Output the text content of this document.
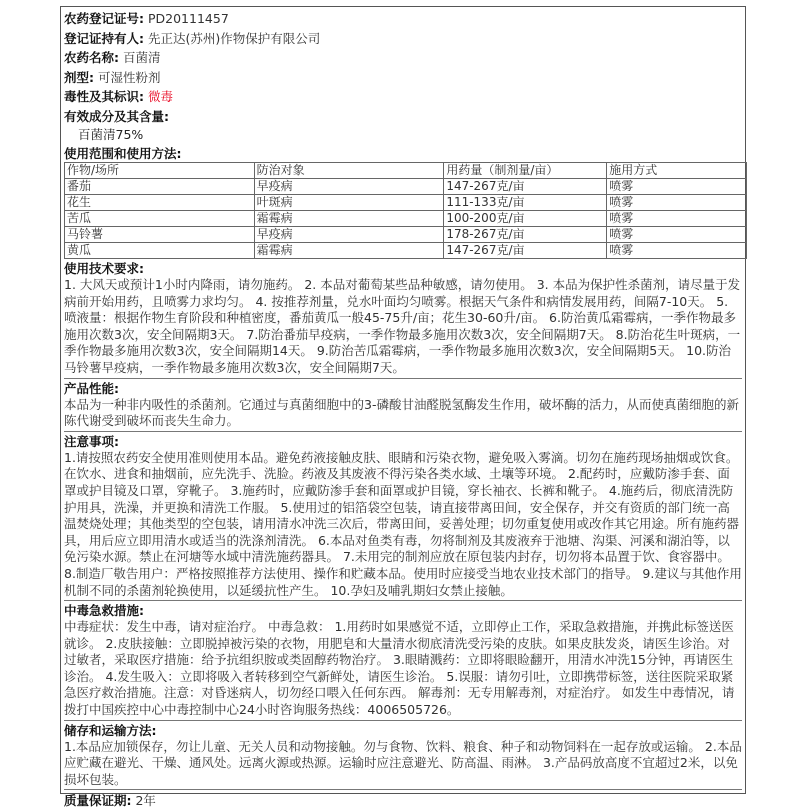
农药登记证号: PD20111457
登记证持有人: 先正达(苏州)作物保护有限公司
农药名称: 百菌清
剂型: 可湿性粉剂
毒性及其标识: 微毒
有效成分及其含量:
百菌清75%
使用范围和使用方法:
作物/场所	防治对象	用药量（制剂量/亩）	施用方式
番茄	早疫病	147-267克/亩	喷雾
花生	叶斑病	111-133克/亩	喷雾
苦瓜	霜霉病	100-200克/亩	喷雾
马铃薯	早疫病	178-267克/亩	喷雾
黄瓜	霜霉病	147-267克/亩	喷雾
使用技术要求:
1. 大风天或预计1小时内降雨，请勿施药。 2. 本品对葡萄某些品种敏感，请勿使用。 3. 本品为保护性杀菌剂，请尽量于发病前开始用药，且喷雾力求均匀。 4. 按推荐剂量，兑水叶面均匀喷雾。根据天气条件和病情发展用药，间隔7-10天。 5. 喷液量：根据作物生育阶段和种植密度，番茄黄瓜一般45-75升/亩；花生30-60升/亩。 6.防治黄瓜霜霉病，一季作物最多施用次数3次，安全间隔期3天。 7.防治番茄早疫病，一季作物最多施用次数3次，安全间隔期7天。 8.防治花生叶斑病，一季作物最多施用次数3次，安全间隔期14天。 9.防治苦瓜霜霉病，一季作物最多施用次数3次，安全间隔期5天。 10.防治马铃薯早疫病，一季作物最多施用次数3次，安全间隔期7天。
产品性能:
本品为一种非内吸性的杀菌剂。它通过与真菌细胞中的3-磷酸甘油醛脱氢酶发生作用，破坏酶的活力，从而使真菌细胞的新陈代谢受到破坏而丧失生命力。
注意事项:
1.请按照农药安全使用准则使用本品。避免药液接触皮肤、眼睛和污染衣物，避免吸入雾滴。切勿在施药现场抽烟或饮食。在饮水、进食和抽烟前，应先洗手、洗脸。药液及其废液不得污染各类水域、土壤等环境。 2.配药时，应戴防渗手套、面罩或护目镜及口罩，穿靴子。 3.施药时，应戴防渗手套和面罩或护目镜，穿长袖衣、长裤和靴子。 4.施药后，彻底清洗防护用具，洗澡，并更换和清洗工作服。 5.使用过的铝箔袋空包装，请直接带离田间，安全保存，并交有资质的部门统一高温焚烧处理；其他类型的空包装，请用清水冲洗三次后，带离田间，妥善处理；切勿重复使用或改作其它用途。所有施药器具，用后应立即用清水或适当的洗涤剂清洗。 6.本品对鱼类有毒，勿将制剂及其废液弃于池塘、沟渠、河溪和湖泊等，以免污染水源。禁止在河塘等水域中清洗施药器具。 7.未用完的制剂应放在原包装内封存，切勿将本品置于饮、食容器中。 8.制造厂敬告用户：严格按照推荐方法使用、操作和贮藏本品。使用时应接受当地农业技术部门的指导。 9.建议与其他作用机制不同的杀菌剂轮换使用，以延缓抗性产生。 10.孕妇及哺乳期妇女禁止接触。
中毒急救措施:
中毒症状：发生中毒，请对症治疗。 中毒急救： 1.用药时如果感觉不适，立即停止工作，采取急救措施，并携此标签送医就诊。 2.皮肤接触：立即脱掉被污染的衣物，用肥皂和大量清水彻底清洗受污染的皮肤。如果皮肤发炎，请医生诊治。对过敏者，采取医疗措施：给予抗组织胺或类固醇药物治疗。 3.眼睛溅药：立即将眼睑翻开，用清水冲洗15分钟，再请医生诊治。 4.发生吸入：立即将吸入者转移到空气新鲜处，请医生诊治。 5.误服：请勿引吐，立即携带标签，送往医院采取紧急医疗救治措施。注意：对昏迷病人，切勿经口喂入任何东西。 解毒剂：无专用解毒剂，对症治疗。 如发生中毒情况，请拨打中国疾控中心中毒控制中心24小时咨询服务热线：4006505726。
储存和运输方法:
1.本品应加锁保存，勿让儿童、无关人员和动物接触。勿与食物、饮料、粮食、种子和动物饲料在一起存放或运输。 2.本品应贮藏在避光、干燥、通风处。远离火源或热源。运输时应注意避光、防高温、雨淋。 3.产品码放高度不宜超过2米，以免损坏包装。
质量保证期: 2年
